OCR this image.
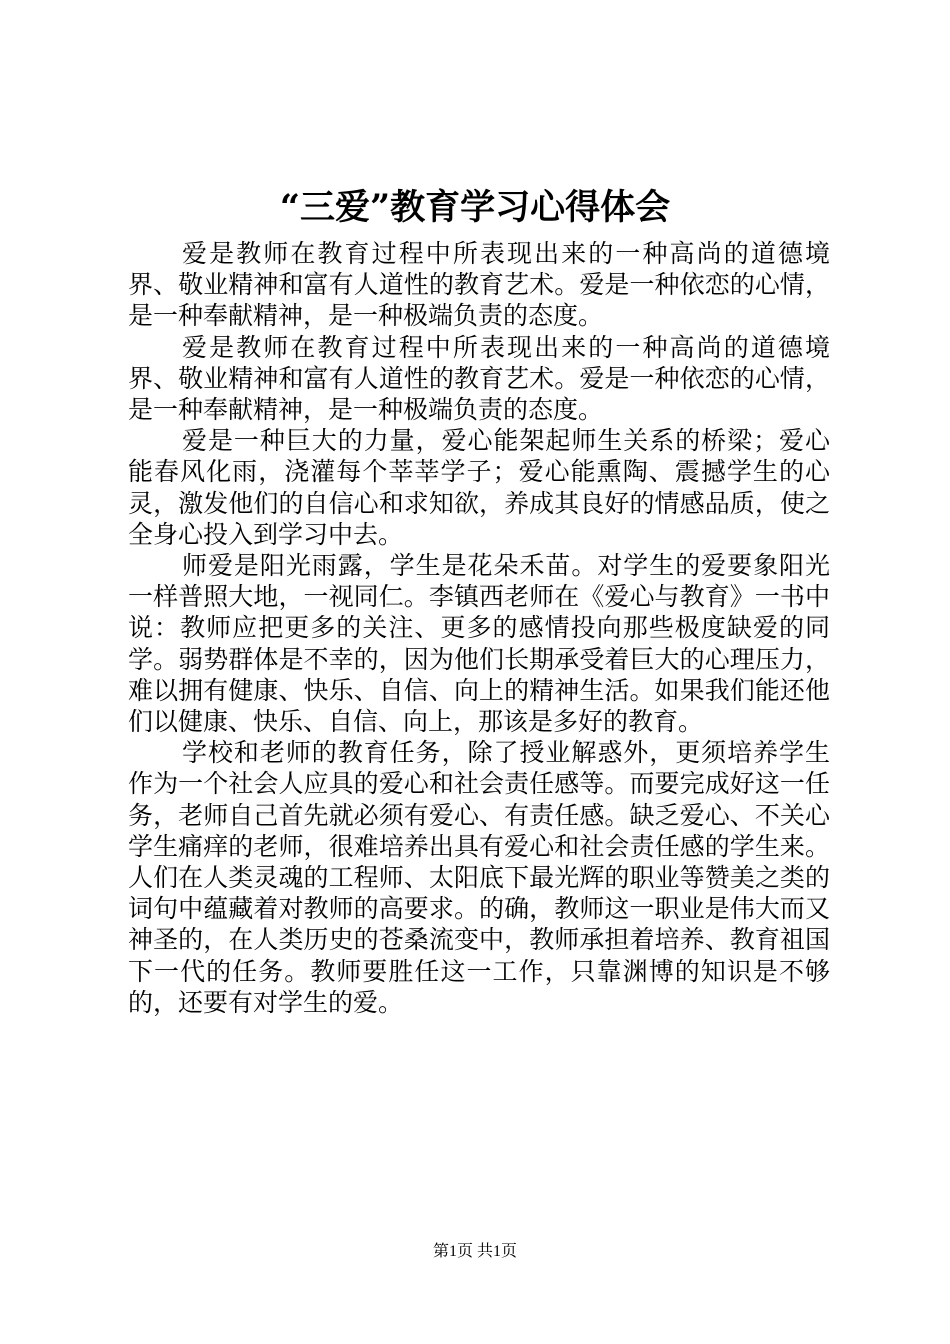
“三爱”教育学习心得体会

爱是教师在教育过程中所表现出来的一种高尚的道德境界、敬业精神和富有人道性的教育艺术。爱是一种依恋的心情，是一种奉献精神，是一种极端负责的态度。

爱是教师在教育过程中所表现出来的一种高尚的道德境界、敬业精神和富有人道性的教育艺术。爱是一种依恋的心情，是一种奉献精神，是一种极端负责的态度。

爱是一种巨大的力量，爱心能架起师生关系的桥梁；爱心能春风化雨，浇灌每个莘莘学子；爱心能熏陶、震撼学生的心灵，激发他们的自信心和求知欲，养成其良好的情感品质，使之全身心投入到学习中去。

师爱是阳光雨露，学生是花朵禾苗。对学生的爱要象阳光一样普照大地，一视同仁。李镇西老师在《爱心与教育》一书中说：教师应把更多的关注、更多的感情投向那些极度缺爱的同学。弱势群体是不幸的，因为他们长期承受着巨大的心理压力，难以拥有健康、快乐、自信、向上的精神生活。如果我们能还他们以健康、快乐、自信、向上，那该是多好的教育。

学校和老师的教育任务，除了授业解惑外，更须培养学生作为一个社会人应具的爱心和社会责任感等。而要完成好这一任务，老师自己首先就必须有爱心、有责任感。缺乏爱心、不关心学生痛痒的老师，很难培养出具有爱心和社会责任感的学生来。人们在人类灵魂的工程师、太阳底下最光辉的职业等赞美之类的词句中蕴藏着对教师的高要求。的确，教师这一职业是伟大而又神圣的，在人类历史的苍桑流变中，教师承担着培养、教育祖国下一代的任务。教师要胜任这一工作，只靠渊博的知识是不够的，还要有对学生的爱。

第1页 共1页
